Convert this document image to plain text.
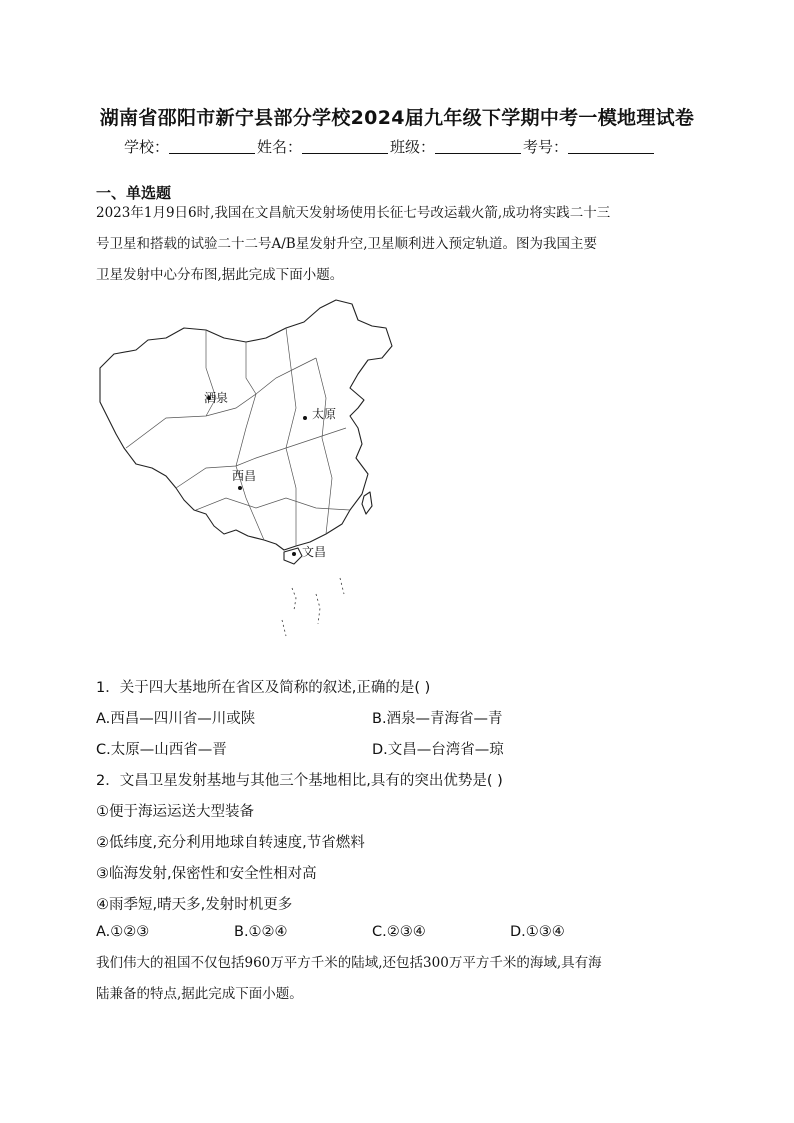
湖南省邵阳市新宁县部分学校2024届九年级下学期中考一模地理试卷
学校：	姓名：	班级：	考号：
一、单选题
2023年1月9日6时,我国在文昌航天发射场使用长征七号改运载火箭,成功将实践二十三
号卫星和搭载的试验二十二号A/B星发射升空,卫星顺利进入预定轨道。图为我国主要
卫星发射中心分布图,据此完成下面小题。
酒泉
太原
西昌
文昌
1．关于四大基地所在省区及简称的叙述,正确的是( )
A.西昌—四川省—川或陕	B.酒泉—青海省—青
C.太原—山西省—晋	D.文昌—台湾省—琼
2．文昌卫星发射基地与其他三个基地相比,具有的突出优势是( )
①便于海运运送大型装备
②低纬度,充分利用地球自转速度,节省燃料
③临海发射,保密性和安全性相对高
④雨季短,晴天多,发射时机更多
A.①②③	B.①②④	C.②③④	D.①③④
我们伟大的祖国不仅包括960万平方千米的陆域,还包括300万平方千米的海域,具有海
陆兼备的特点,据此完成下面小题。
